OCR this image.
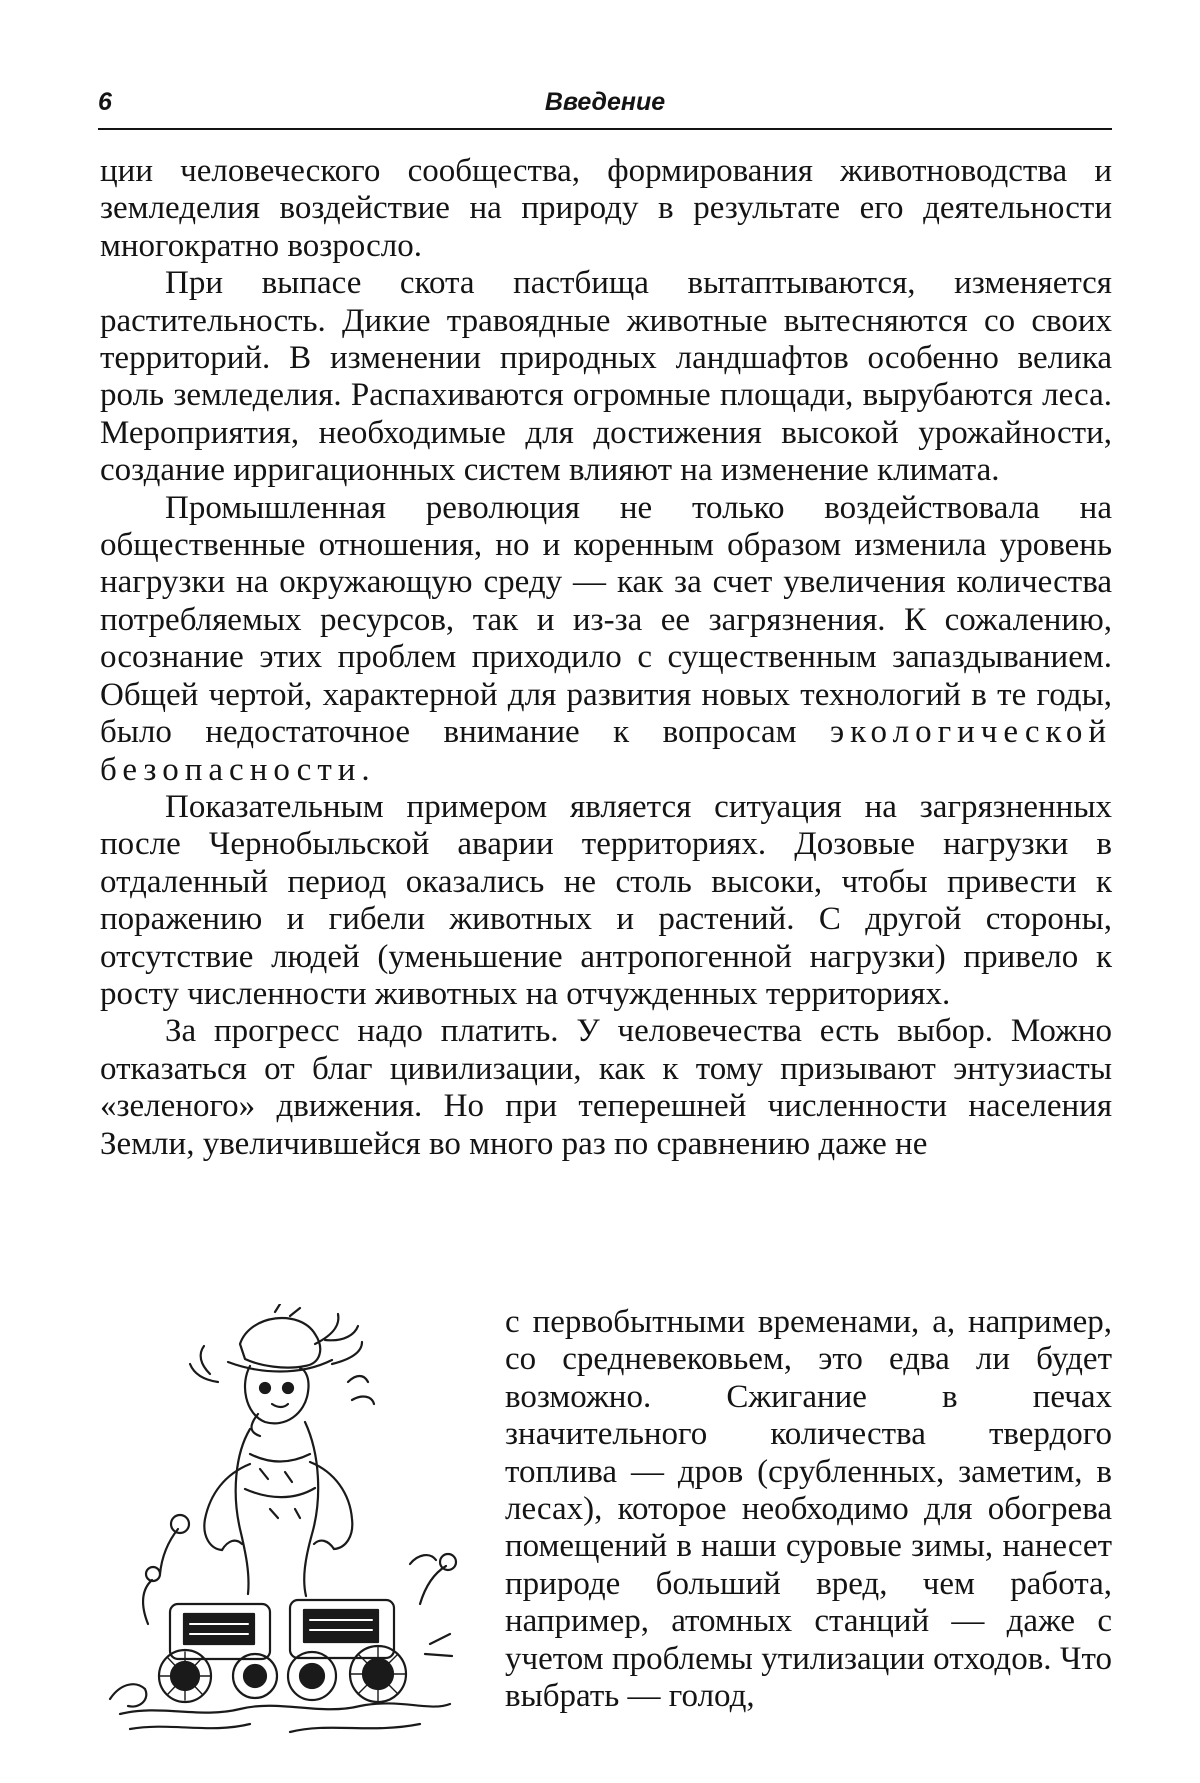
6	Введение

ции человеческого сообщества, формирования животноводства и земледелия воздействие на природу в результате его деятельности многократно возросло.

При выпасе скота пастбища вытаптываются, изменяется растительность. Дикие травоядные животные вытесняются со своих территорий. В изменении природных ландшафтов особенно велика роль земледелия. Распахиваются огромные площади, вырубаются леса. Мероприятия, необходимые для достижения высокой урожайности, создание ирригационных систем влияют на изменение климата.

Промышленная революция не только воздействовала на общественные отношения, но и коренным образом изменила уровень нагрузки на окружающую среду — как за счет увеличения количества потребляемых ресурсов, так и из-за ее загрязнения. К сожалению, осознание этих проблем приходило с существенным запаздыванием. Общей чертой, характерной для развития новых технологий в те годы, было недостаточное внимание к вопросам экологической безопасности.

Показательным примером является ситуация на загрязненных после Чернобыльской аварии территориях. Дозовые нагрузки в отдаленный период оказались не столь высоки, чтобы привести к поражению и гибели животных и растений. С другой стороны, отсутствие людей (уменьшение антропогенной нагрузки) привело к росту численности животных на отчужденных территориях.

За прогресс надо платить. У человечества есть выбор. Можно отказаться от благ цивилизации, как к тому призывают энтузиасты «зеленого» движения. Но при теперешней численности населения Земли, увеличившейся во много раз по сравнению даже не

с первобытными временами, а, например, со средневековьем, это едва ли будет возможно. Сжигание в печах значительного количества твердого топлива — дров (срубленных, заметим, в лесах), которое необходимо для обогрева помещений в наши суровые зимы, нанесет природе больший вред, чем работа, например, атомных станций — даже с учетом проблемы утилизации отходов. Что выбрать — голод,
